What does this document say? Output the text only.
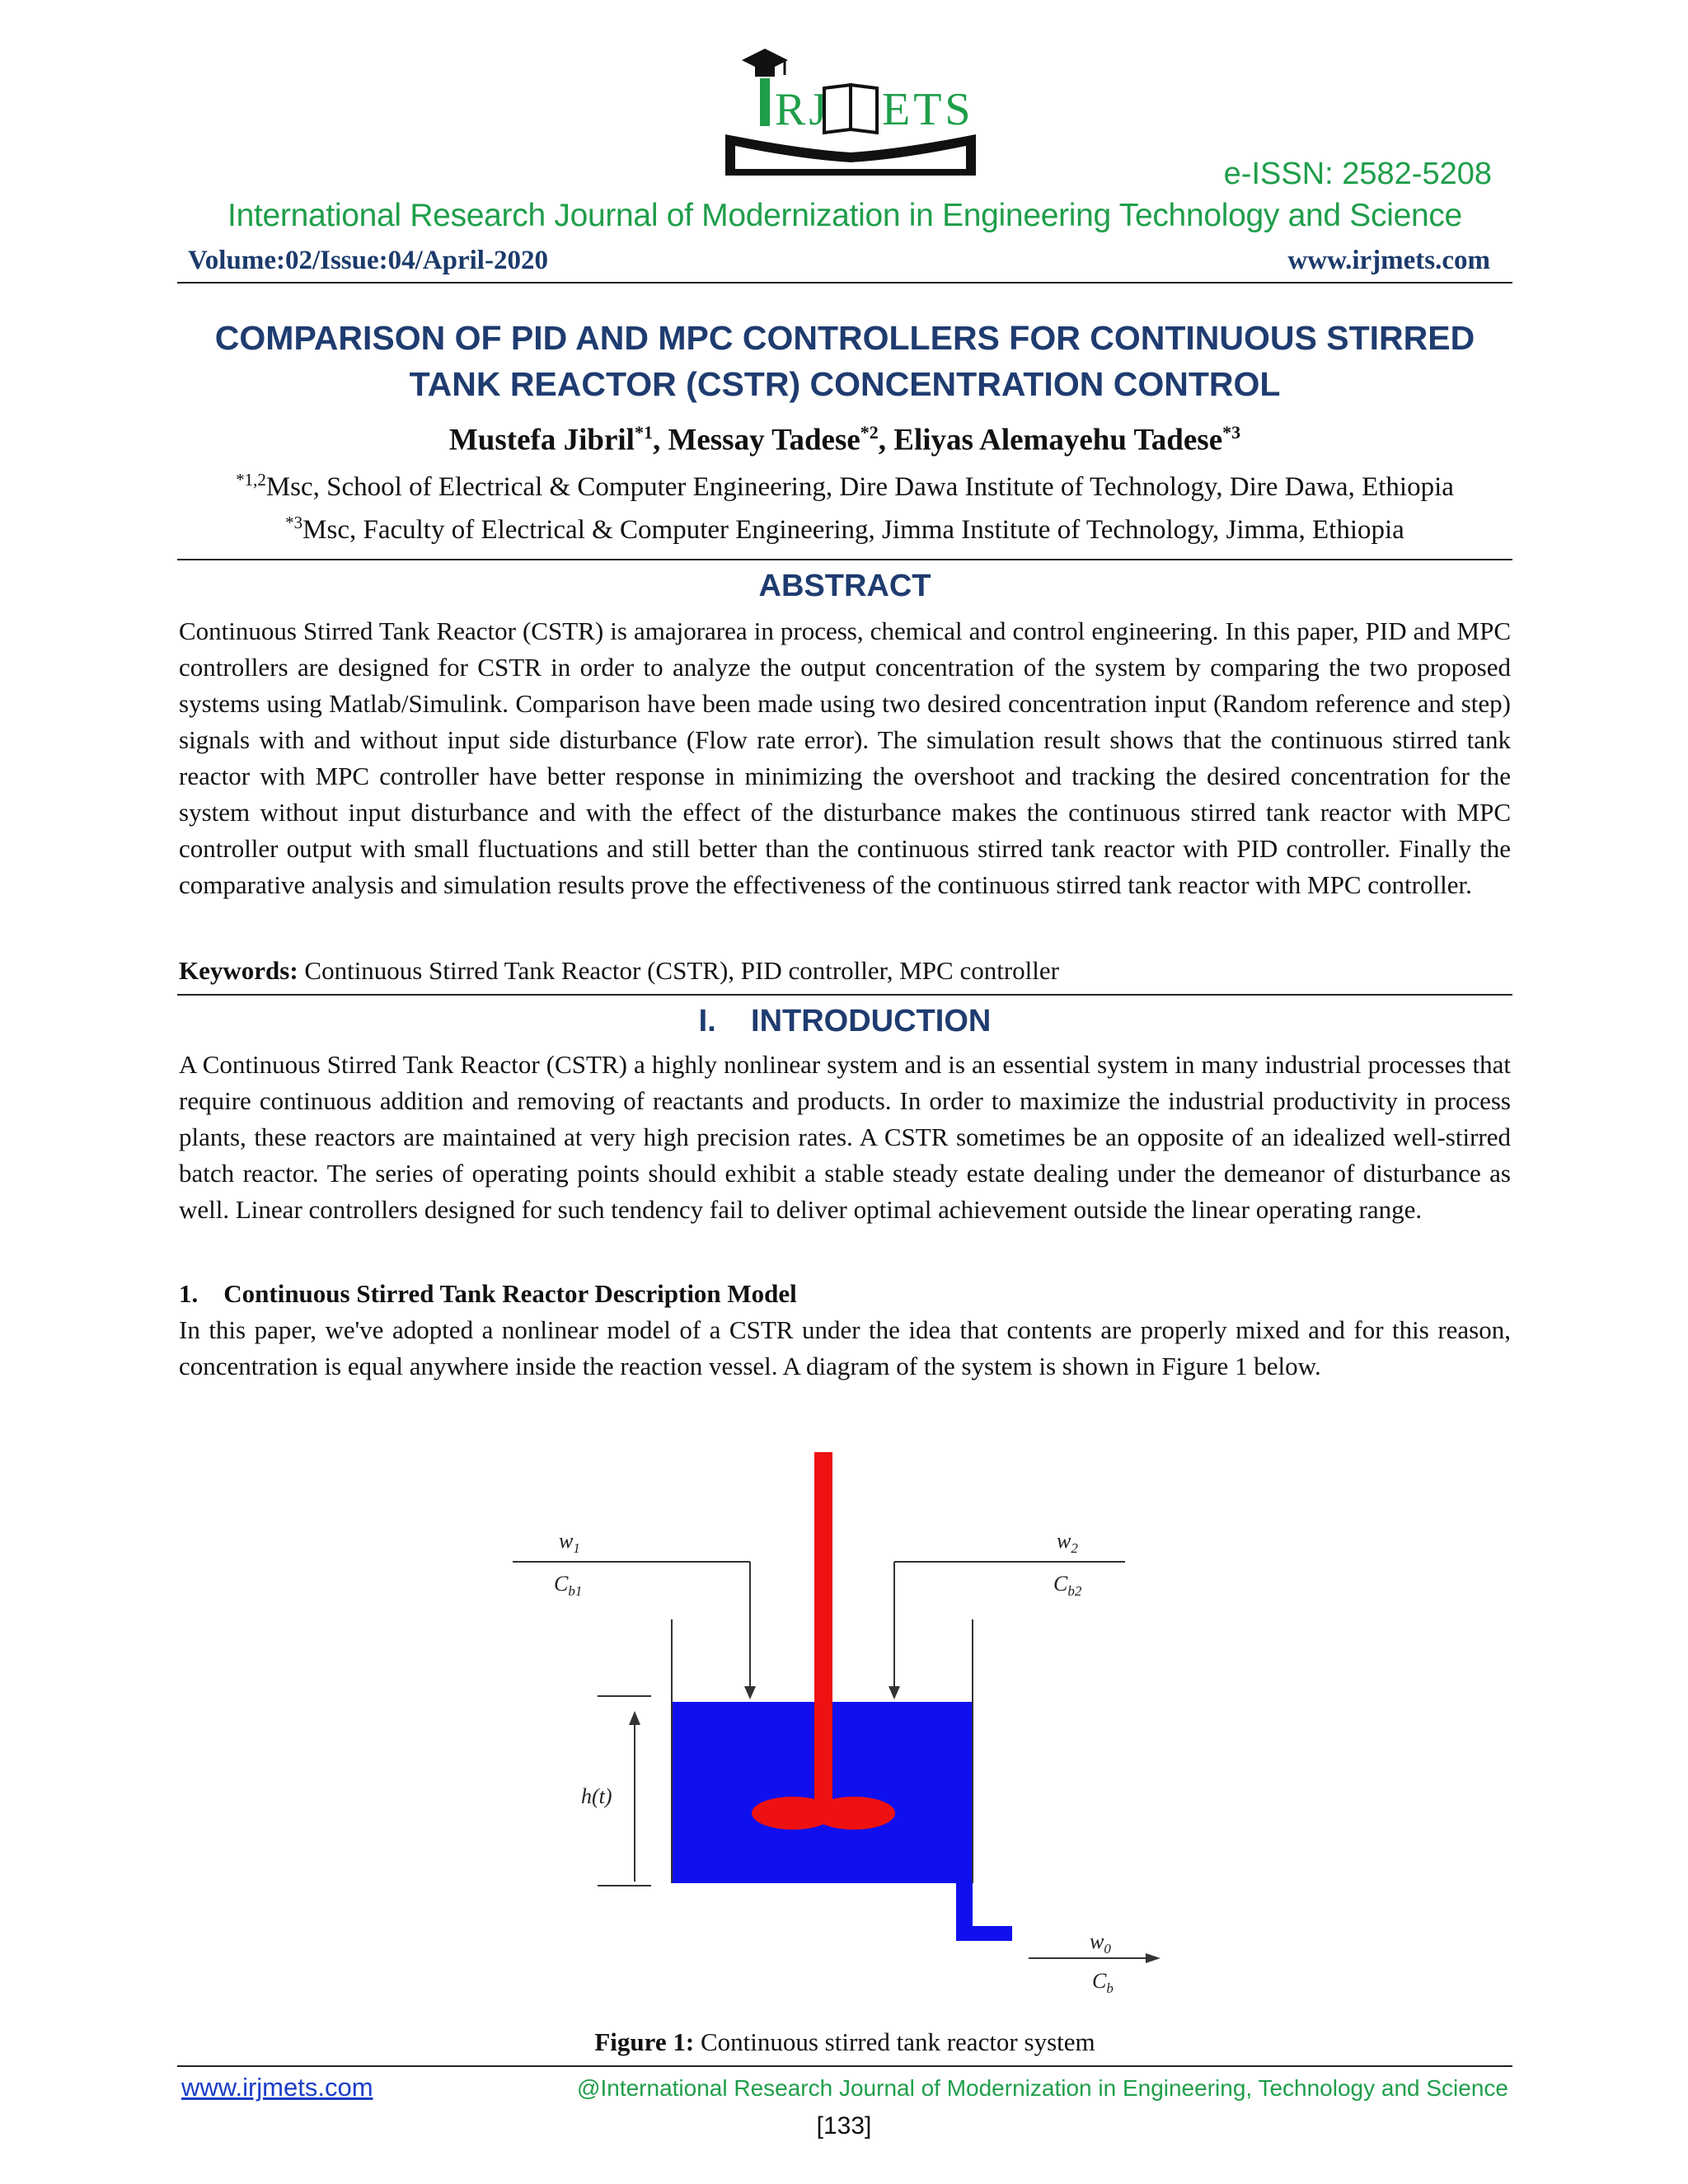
RJ ETS
e-ISSN: 2582-5208
International Research Journal of Modernization in Engineering Technology and Science
Volume:02/Issue:04/April-2020	www.irjmets.com
COMPARISON OF PID AND MPC CONTROLLERS FOR CONTINUOUS STIRRED
TANK REACTOR (CSTR) CONCENTRATION CONTROL
Mustefa Jibril$^{*1}$, Messay Tadese$^{*2}$, Eliyas Alemayehu Tadese$^{*3}$
$^{*1,2}$Msc, School of Electrical & Computer Engineering, Dire Dawa Institute of Technology, Dire Dawa, Ethiopia
$^{*3}$Msc, Faculty of Electrical & Computer Engineering, Jimma Institute of Technology, Jimma, Ethiopia
ABSTRACT
Continuous Stirred Tank Reactor (CSTR) is amajorarea in process, chemical and control engineering. In this paper, PID and MPC controllers are designed for CSTR in order to analyze the output concentration of the system by comparing the two proposed systems using Matlab/Simulink. Comparison have been made using two desired concentration input (Random reference and step) signals with and without input side disturbance (Flow rate error). The simulation result shows that the continuous stirred tank reactor with MPC controller have better response in minimizing the overshoot and tracking the desired concentration for the system without input disturbance and with the effect of the disturbance makes the continuous stirred tank reactor with MPC controller output with small fluctuations and still better than the continuous stirred tank reactor with PID controller. Finally the comparative analysis and simulation results prove the effectiveness of the continuous stirred tank reactor with MPC controller.
Keywords: Continuous Stirred Tank Reactor (CSTR), PID controller, MPC controller
I.    INTRODUCTION
A Continuous Stirred Tank Reactor (CSTR) a highly nonlinear system and is an essential system in many industrial processes that require continuous addition and removing of reactants and products. In order to maximize the industrial productivity in process plants, these reactors are maintained at very high precision rates. A CSTR sometimes be an opposite of an idealized well-stirred batch reactor. The series of operating points should exhibit a stable steady estate dealing under the demeanor of disturbance as well. Linear controllers designed for such tendency fail to deliver optimal achievement outside the linear operating range.
1.    Continuous Stirred Tank Reactor Description Model
In this paper, we've adopted a nonlinear model of a CSTR under the idea that contents are properly mixed and for this reason, concentration is equal anywhere inside the reaction vessel. A diagram of the system is shown in Figure 1 below.
$w_1$
$C_{b1}$
$w_2$
$C_{b2}$
h(t)
$w_0$
$C_b$
Figure 1: Continuous stirred tank reactor system
www.irjmets.com	@International Research Journal of Modernization in Engineering, Technology and Science
[133]
